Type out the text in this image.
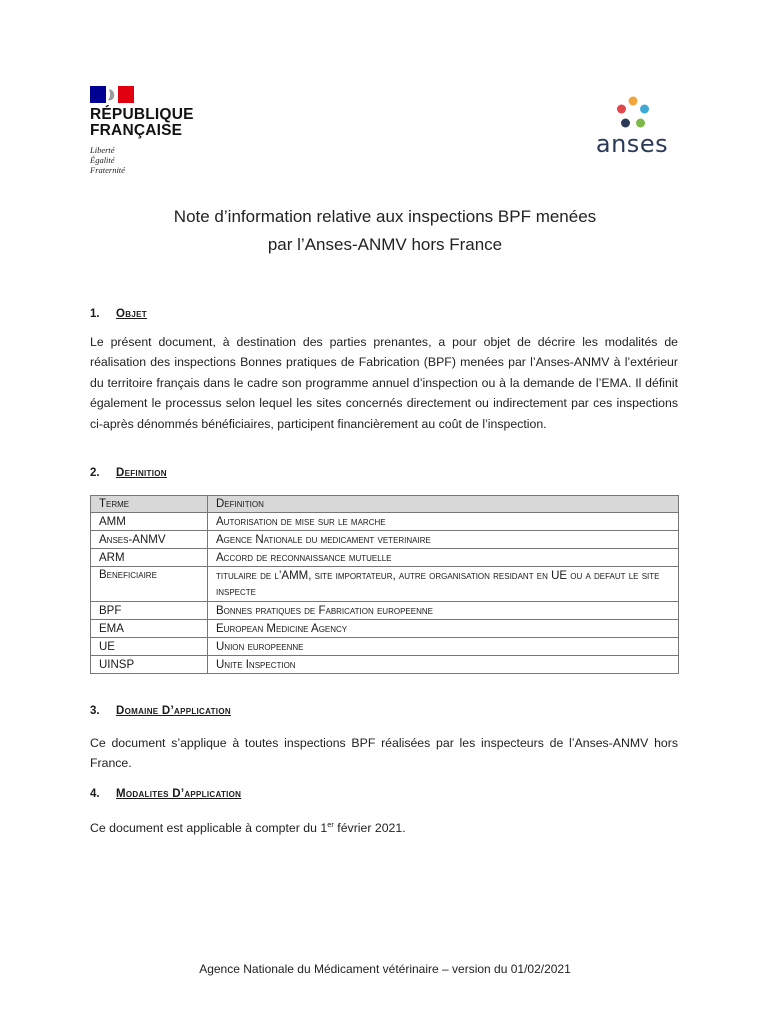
RÉPUBLIQUE
FRANÇAISE
Liberté
Égalité
Fraternité
anses
Note d’information relative aux inspections BPF menées
par l’Anses-ANMV hors France
1. Objet
Le présent document, à destination des parties prenantes, a pour objet de décrire les modalités de réalisation des inspections Bonnes pratiques de Fabrication (BPF) menées par l’Anses-ANMV à l’extérieur du territoire français dans le cadre son programme annuel d’inspection ou à la demande de l’EMA. Il définit également le processus selon lequel les sites concernés directement ou indirectement par ces inspections ci-après dénommés bénéficiaires, participent financièrement au coût de l’inspection.
2. Definition
Terme	Definition
AMM	Autorisation de mise sur le marche
Anses-ANMV	Agence Nationale du medicament veterinaire
ARM	Accord de reconnaissance mutuelle
Beneficiaire	titulaire de l’AMM, site importateur, autre organisation residant en UE ou a defaut le site inspecte
BPF	Bonnes pratiques de Fabrication europeenne
EMA	European Medicine Agency
UE	Union europeenne
UINSP	Unite Inspection
3. Domaine D’application
Ce document s’applique à toutes inspections BPF réalisées par les inspecteurs de l’Anses-ANMV hors France.
4. Modalites D’application
Ce document est applicable à compter du 1er février 2021.
Agence Nationale du Médicament vétérinaire – version du 01/02/2021
